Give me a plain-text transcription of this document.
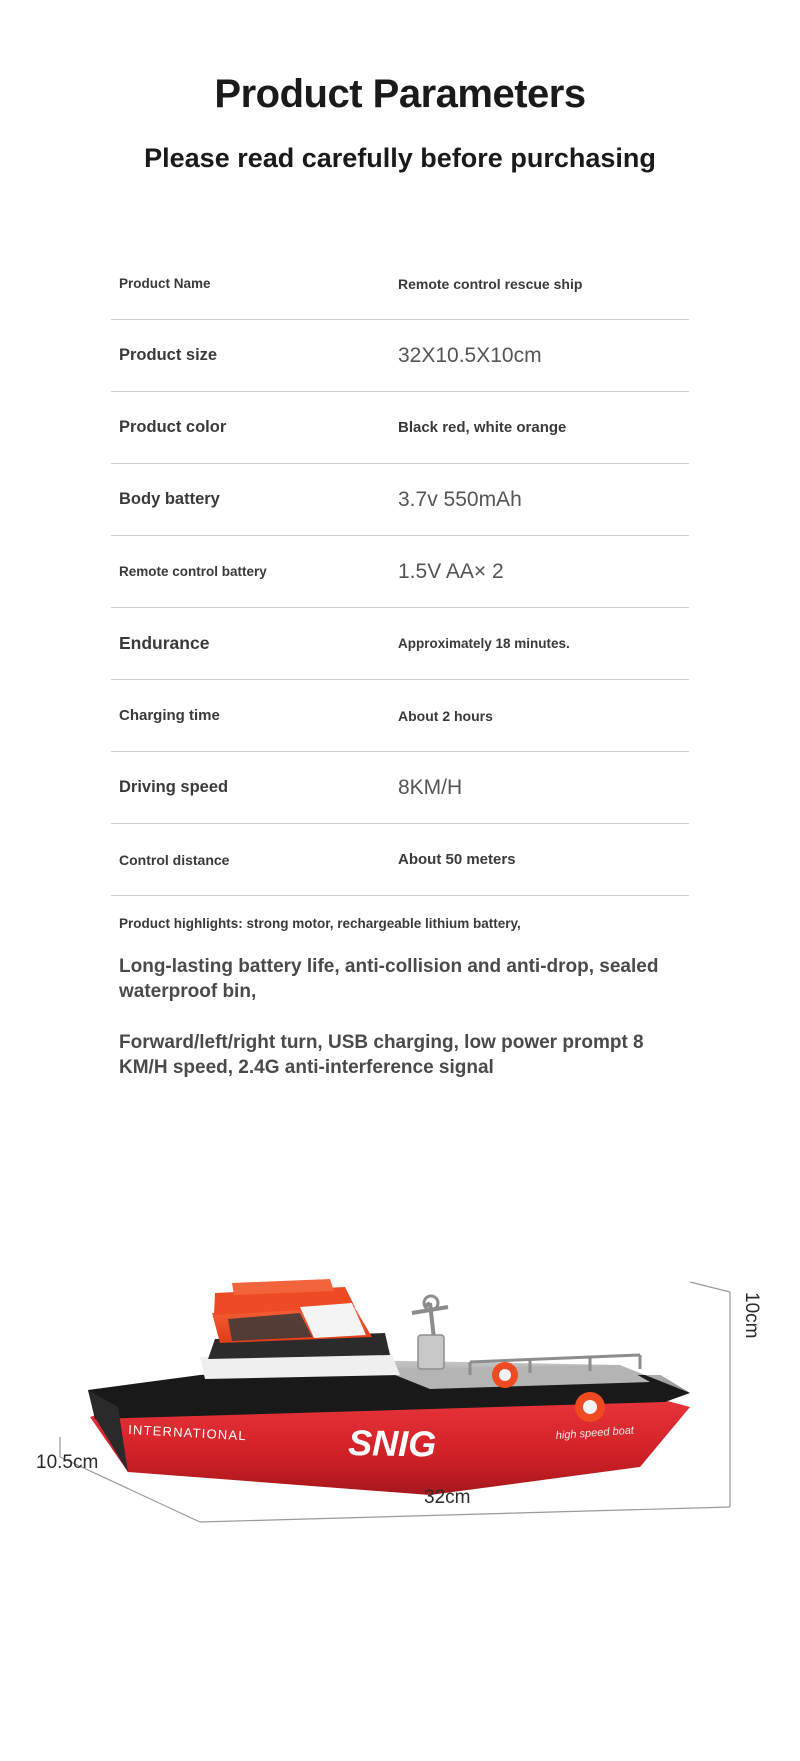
Product Parameters
Please read carefully before purchasing
Product Name	Remote control rescue ship
Product size	32X10.5X10cm
Product color	Black red, white orange
Body battery	3.7v 550mAh
Remote control battery	1.5V AA× 2
Endurance	Approximately 18 minutes.
Charging time	About 2 hours
Driving speed	8KM/H
Control distance	About 50 meters
Product highlights: strong motor, rechargeable lithium battery,
Long-lasting battery life, anti-collision and anti-drop, sealed waterproof bin,
Forward/left/right turn, USB charging, low power prompt 8 KM/H speed, 2.4G anti-interference signal
INTERNATIONAL	SNIG	high speed boat
32cm
10.5cm
10cm
